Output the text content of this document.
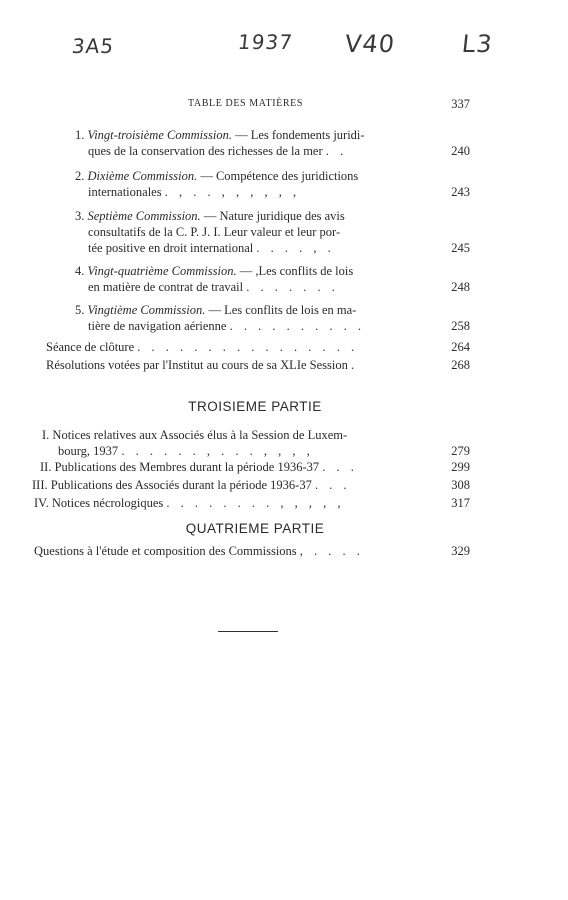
3A5	1937 V40	L3
TABLE DES MATIÈRES	337
1. Vingt-troisième Commission. — Les fondements juridi-
ques de la conservation des richesses de la mer . .	240
2. Dixième Commission. — Compétence des juridictions
internationales . , . . , , , , , ,	243
3. Septième Commission. — Nature juridique des avis
consultatifs de la C. P. J. I. Leur valeur et leur por-
tée positive en droit international . . . . , .	245
4. Vingt-quatrième Commission. — ,Les conflits de lois
en matière de contrat de travail . . . . . . .	248
5. Vingtième Commission. — Les conflits de lois en ma-
tière de navigation aérienne . . . . . . . . . .	258
Séance de clôture . . . . . . . . . . . . . . . .	264
Résolutions votées par l'Institut au cours de sa XLIe Session .	268
TROISIEME PARTIE
I. Notices relatives aux Associés élus à la Session de Luxem-
bourg, 1937 . . . . . . , . . . , , , ,	279
II. Publications des Membres durant la période 1936-37 . . .	299
III. Publications des Associés durant la période 1936-37 . . .	308
IV. Notices nécrologiques . . . . . . . . , , , , ,	317
QUATRIEME PARTIE
Questions à l'étude et composition des Commissions , . . . .	329
